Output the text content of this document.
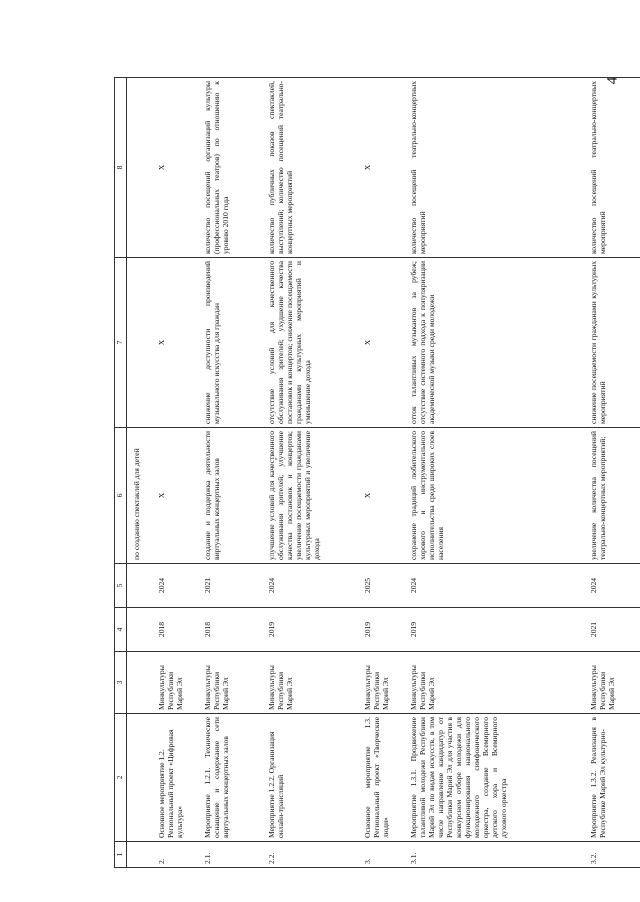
4
1	2	3	4	5	6	7	8
					по созданию спектаклей для детей		
2.	Основное мероприятие 1.2. Региональный проект «Цифровая культура»	Минкультуры Республики Марий Эл	2018	2024	Х	Х	Х
2.1.	Мероприятие 1.2.1. Техническое оснащение и содержание сети виртуальных концертных залов	Минкультуры Республики Марий Эл	2018	2021	создание и поддержка деятельности виртуальных концертных залов	снижение доступности произведений музыкального искусства для граждан	количество посещений организаций культуры (профессиональных театров) по отношению к уровню 2010 года
2.2.	Мероприятие 1.2.2. Организация онлайн-трансляций	Минкультуры Республики Марий Эл	2019	2024	улучшение условий для качественного обслуживания зрителей; улучшение качества постановок и концертов; увеличение посещаемости гражданами культурных мероприятий и увеличение дохода	отсутствие условий для качественного обслуживания зрителей; ухудшение качества постановок и концертов; снижение посещаемости гражданами культурных мероприятий и уменьшение дохода	количество публичных показов спектаклей, выступлений; количество посещений театрально-концертных мероприятий
3.	Основное мероприятие 1.3. Региональный проект «Творческие люди»	Минкультуры Республики Марий Эл	2019	2025	Х	Х	Х
3.1.	Мероприятие 1.3.1. Продвижение талантливой молодежи Республики Марий Эл по видам искусств, в том числе направление кандидатур от Республики Марий Эл для участия в конкурсном отборе молодежи для функционирования национального молодежного симфонического оркестра, создание Всемирного детского хора и Всемирного духового оркестра	Минкультуры Республики Марий Эл	2019	2024	сохранение традиций любительского хорового и инструментального исполнительства среди широких слоев населения	отток талантливых музыкантов за рубеж; отсутствие системного подхода к популяризации академической музыки среди молодежи	количество посещений театрально-концертных мероприятий
3.2.	Мероприятие 1.3.2. Реализация в Республике Марий Эл культурно-	Минкультуры Республики Марий Эл	2021	2024	увеличение количества посещений театрально-концертных мероприятий;	снижение посещаемости гражданами культурных мероприятий	количество посещений театрально-концертных мероприятий
